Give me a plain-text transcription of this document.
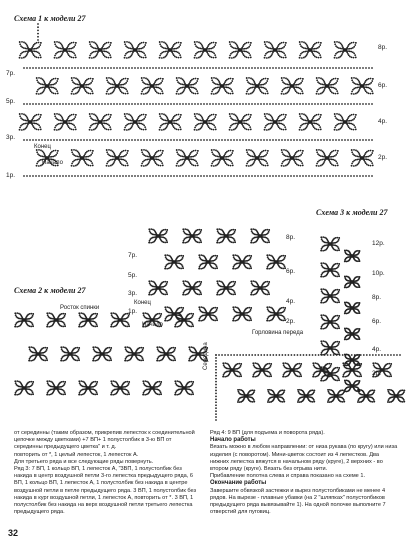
Схема 1 к модели 27
Схема 3 к модели 27
Схема 2 к модели 27
Конец
Начало
Конец
Начало
Росток спинки
Горловина переда
Середина
8р.
6р.
4р.
2р.
7р.
5р.
3р.
1р.
8р.
6р.
4р.
2р.
7р.
5р.
3р.
1р.
12р.
10р.
8р.
6р.
4р.
2р.

от серединны (таким образом, прикрепив лепесток к соединительной

цепочке между цветками) +7 ВП+ 1 полустолбик в 3-ю ВП от

серединны предыдущего цветка" и т. д.

повторить от *, 1 целый лепесток, 1 лепесток А.

Для третьего ряда и все следующие ряды повернуть.

Ряд 3: 7 ВП, 1 кольцо ВП, 1 лепесток А, "3ВП, 1 полустолбик без

накида в центр воздушной петли 3-го лепестка предыдущего ряда, 6

ВП, 1 кольцо ВП, 1 лепесток А, 1 полустолбик без накида в центре

воздушной петли в петле предыдущего ряда. 3 ВП, 1 полустолбик без

накида в кург воздушной петли, 1 лепесток А, повторить от *. 3 ВП, 1

полустолбик без накида на верх воздушной петли третьего лепестка

предыдущего ряда.

Ряд 4: 9 ВП (для подъема и поворота ряда).

Начало работы

Вязать можно в любом направлении: от низа рукава (по кругу) или низа

изделия (с поворотом). Мини-цветок состоит из 4 лепестков. Два

нижних лепестка вяжутся в начальном ряду (круге), 2 верхних - во

втором ряду (круге). Вязать без отрыва нити.

Прибавление полотна слева и справа показано на схеме 1.

Окончание работы

Завершите обвязкой застежки и вырез полустолбиками не менее 4

рядов. На вырезе - плавные убавки (на 2 "шляпках" полустолбиков

предыдущего ряда вывязывайте 1). На одной полочке выполните 7

отверстий для пуговиц.

32
